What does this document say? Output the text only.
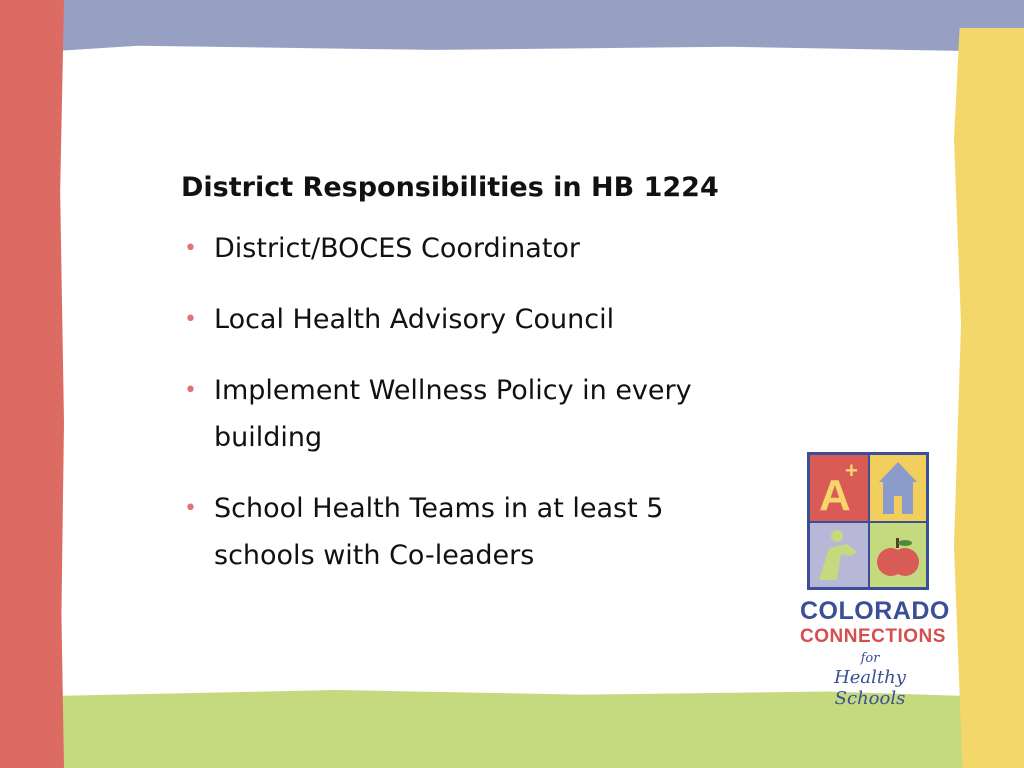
District Responsibilities in HB 1224
• District/BOCES Coordinator
• Local Health Advisory Council
• Implement Wellness Policy in every building
• School Health Teams in at least 5 schools with Co-leaders
A
+
COLORADO
CONNECTIONS
for
Healthy Schools
